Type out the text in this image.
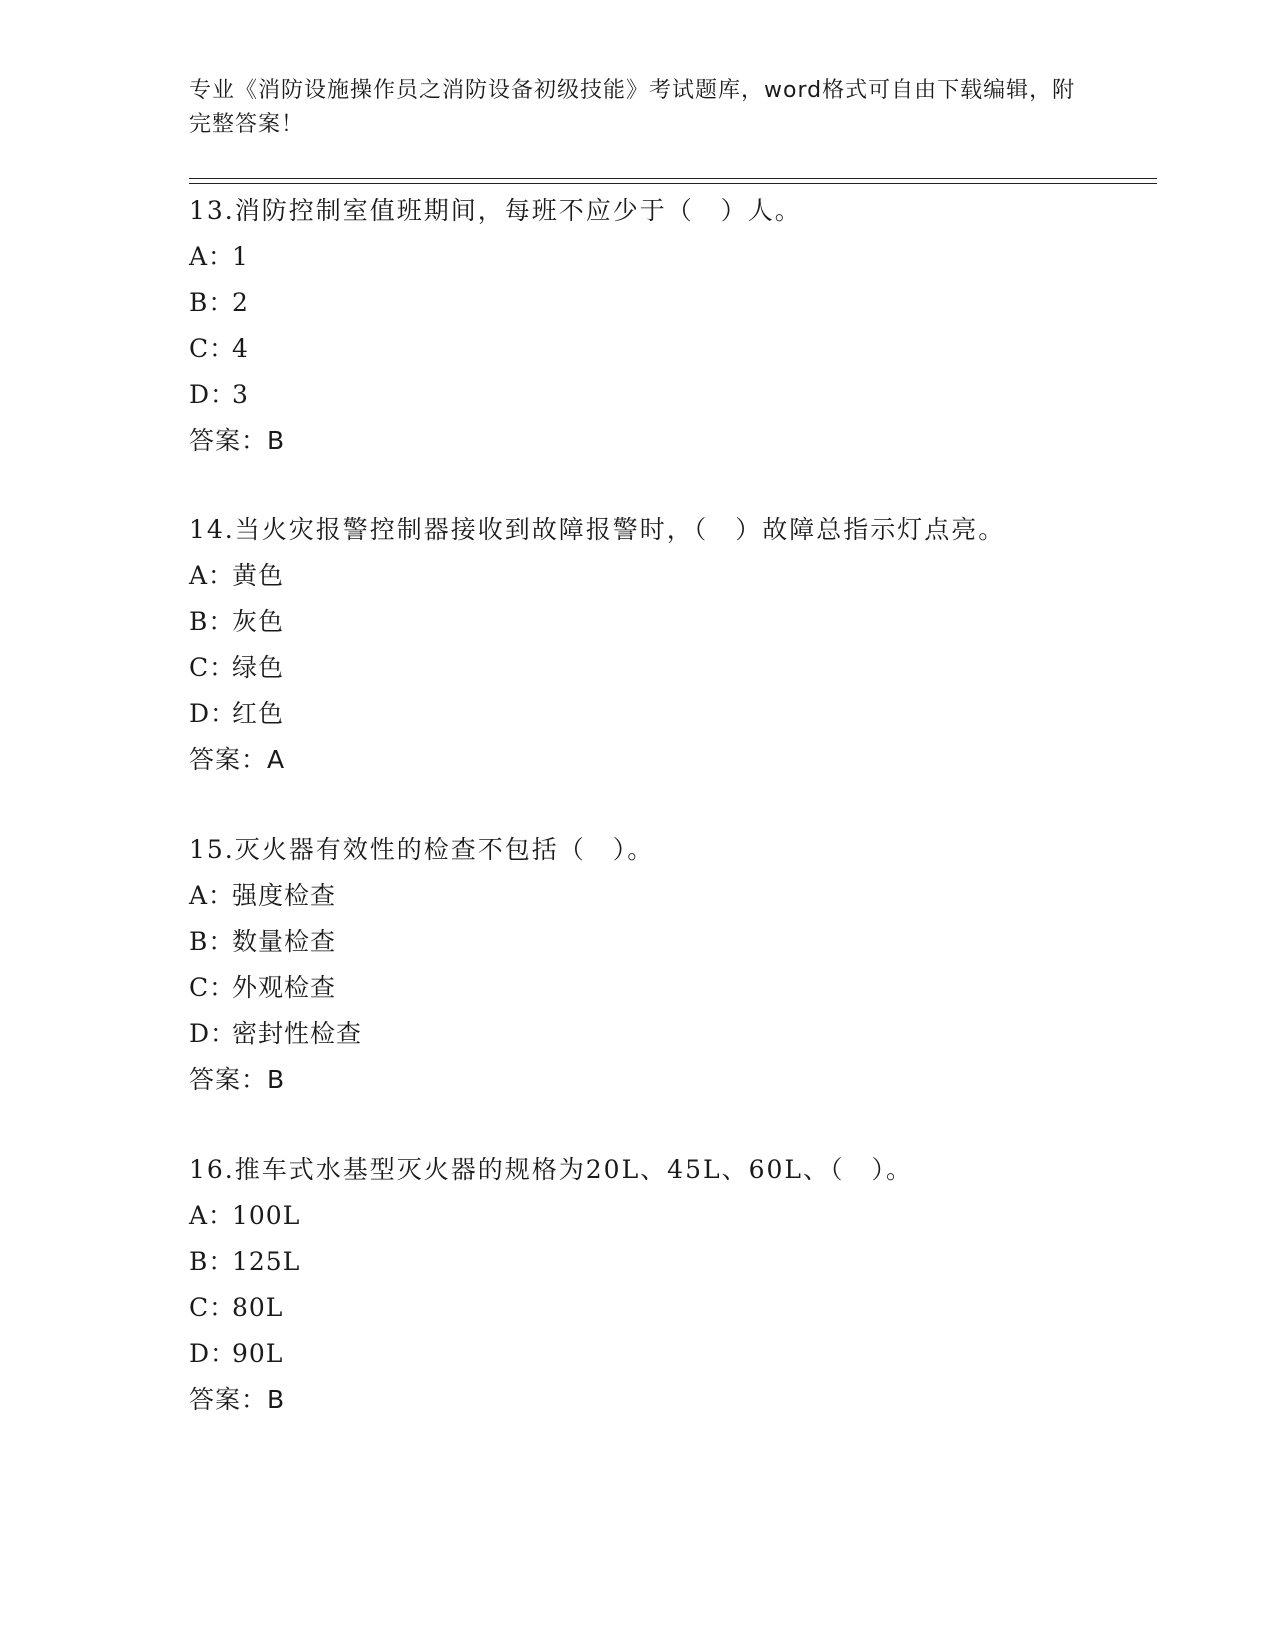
专业《消防设施操作员之消防设备初级技能》考试题库，word格式可自由下载编辑，附完整答案！
13.消防控制室值班期间，每班不应少于（　）人。
A：1
B：2
C：4
D：3
答案：B
14.当火灾报警控制器接收到故障报警时，（　）故障总指示灯点亮。
A：黄色
B：灰色
C：绿色
D：红色
答案：A
15.灭火器有效性的检查不包括（　）。
A：强度检查
B：数量检查
C：外观检查
D：密封性检查
答案：B
16.推车式水基型灭火器的规格为20L、45L、60L、（　）。
A：100L
B：125L
C：80L
D：90L
答案：B
